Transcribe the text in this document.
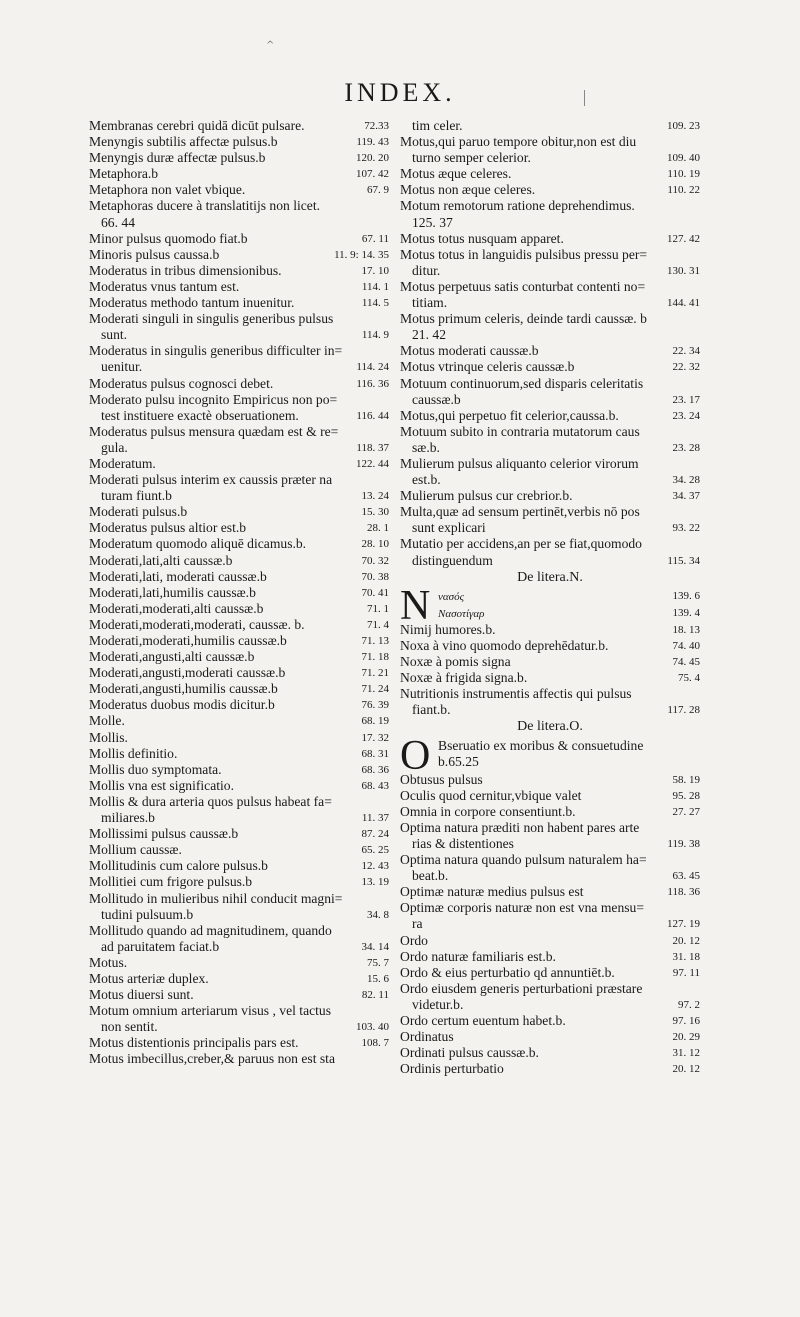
INDEX.
^
72.33
Membranas cerebri quidā dicūt pulsare.
119. 43
Menyngis subtilis affectæ pulsus.b
120. 20
Menyngis duræ affectæ pulsus.b
107. 42
Metaphora.b
67. 9
Metaphora non valet vbique.
Metaphoras ducere à translatitijs non licet.
66. 44
67. 11
Minor pulsus quomodo fiat.b
11. 9: 14. 35
Minoris pulsus caussa.b
17. 10
Moderatus in tribus dimensionibus.
114. 1
Moderatus vnus tantum est.
114. 5
Moderatus methodo tantum inuenitur.
Moderati singuli in singulis generibus pulsus
114. 9
sunt.
Moderatus in singulis generibus difficulter in=
114. 24
uenitur.
116. 36
Moderatus pulsus cognosci debet.
Moderato pulsu incognito Empiricus non po=
116. 44
test instituere exactè obseruationem.
Moderatus pulsus mensura quædam est & re=
118. 37
gula.
122. 44
Moderatum.
Moderati pulsus interim ex caussis præter na
13. 24
turam fiunt.b
15. 30
Moderati pulsus.b
28. 1
Moderatus pulsus altior est.b
28. 10
Moderatum quomodo aliquē dicamus.b.
70. 32
Moderati,lati,alti caussæ.b
70. 38
Moderati,lati, moderati caussæ.b
70. 41
Moderati,lati,humilis caussæ.b
71. 1
Moderati,moderati,alti caussæ.b
71. 4
Moderati,moderati,moderati, caussæ. b.
71. 13
Moderati,moderati,humilis caussæ.b
71. 18
Moderati,angusti,alti caussæ.b
71. 21
Moderati,angusti,moderati caussæ.b
71. 24
Moderati,angusti,humilis caussæ.b
76. 39
Moderatus duobus modis dicitur.b
68. 19
Molle.
17. 32
Mollis.
68. 31
Mollis definitio.
68. 36
Mollis duo symptomata.
68. 43
Mollis vna est significatio.
Mollis & dura arteria quos pulsus habeat fa=
11. 37
miliares.b
87. 24
Mollissimi pulsus caussæ.b
65. 25
Mollium caussæ.
12. 43
Mollitudinis cum calore pulsus.b
13. 19
Mollitiei cum frigore pulsus.b
Mollitudo in mulieribus nihil conducit magni=
34. 8
tudini pulsuum.b
Mollitudo quando ad magnitudinem, quando
34. 14
ad paruitatem faciat.b
75. 7
Motus.
15. 6
Motus arteriæ duplex.
82. 11
Motus diuersi sunt.
Motum omnium arteriarum visus , vel tactus
103. 40
non sentit.
108. 7
Motus distentionis principalis pars est.
Motus imbecillus,creber,& paruus non est sta
109. 23
tim celer.
Motus,qui paruo tempore obitur,non est diu
109. 40
turno semper celerior.
110. 19
Motus æque celeres.
110. 22
Motus non æque celeres.
Motum remotorum ratione deprehendimus.
125. 37
127. 42
Motus totus nusquam apparet.
Motus totus in languidis pulsibus pressu per=
130. 31
ditur.
Motus perpetuus satis conturbat contenti no=
144. 41
titiam.
Motus primum celeris, deinde tardi caussæ. b
21. 42
22. 34
Motus moderati caussæ.b
22. 32
Motus vtrinque celeris caussæ.b
Motuum continuorum,sed disparis celeritatis
23. 17
caussæ.b
23. 24
Motus,qui perpetuo fit celerior,caussa.b.
Motuum subito in contraria mutatorum caus
23. 28
sæ.b.
Mulierum pulsus aliquanto celerior virorum
34. 28
est.b.
34. 37
Mulierum pulsus cur crebrior.b.
Multa,quæ ad sensum pertinēt,verbis nō pos
93. 22
sunt explicari
Mutatio per accidens,an per se fiat,quomodo
115. 34
distinguendum
De litera.N.
N	139. 6
νασός
139. 4
Νασοτίγαρ
18. 13
Nimij humores.b.
74. 40
Noxa à vino quomodo deprehēdatur.b.
74. 45
Noxæ à pomis signa
75. 4
Noxæ à frigida signa.b.
Nutritionis instrumentis affectis qui pulsus
117. 28
fiant.b.
De litera.O.
O Bseruatio ex moribus & consuetudine
b.65.25
58. 19
Obtusus pulsus
95. 28
Oculis quod cernitur,vbique valet
27. 27
Omnia in corpore consentiunt.b.
Optima natura præditi non habent pares arte
119. 38
rias & distentiones
Optima natura quando pulsum naturalem ha=
63. 45
beat.b.
118. 36
Optimæ naturæ medius pulsus est
Optimæ corporis naturæ non est vna mensu=
127. 19
ra
20. 12
Ordo
31. 18
Ordo naturæ familiaris est.b.
97. 11
Ordo & eius perturbatio qd annuntiēt.b.
Ordo eiusdem generis perturbationi præstare
97. 2
videtur.b.
97. 16
Ordo certum euentum habet.b.
20. 29
Ordinatus
31. 12
Ordinati pulsus caussæ.b.
20. 12
Ordinis perturbatio
